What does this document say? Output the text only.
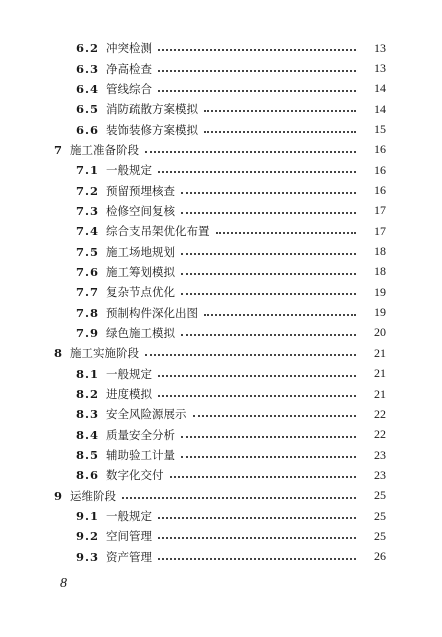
6.2 冲突检测	13
6.3 净高检查	13
6.4 管线综合	14
6.5 消防疏散方案模拟	14
6.6 装饰装修方案模拟	15
7 施工准备阶段	16
7.1 一般规定	16
7.2 预留预埋核查	16
7.3 检修空间复核	17
7.4 综合支吊架优化布置	17
7.5 施工场地规划	18
7.6 施工筹划模拟	18
7.7 复杂节点优化	19
7.8 预制构件深化出图	19
7.9 绿色施工模拟	20
8 施工实施阶段	21
8.1 一般规定	21
8.2 进度模拟	21
8.3 安全风险源展示	22
8.4 质量安全分析	22
8.5 辅助验工计量	23
8.6 数字化交付	23
9 运维阶段	25
9.1 一般规定	25
9.2 空间管理	25
9.3 资产管理	26
8
